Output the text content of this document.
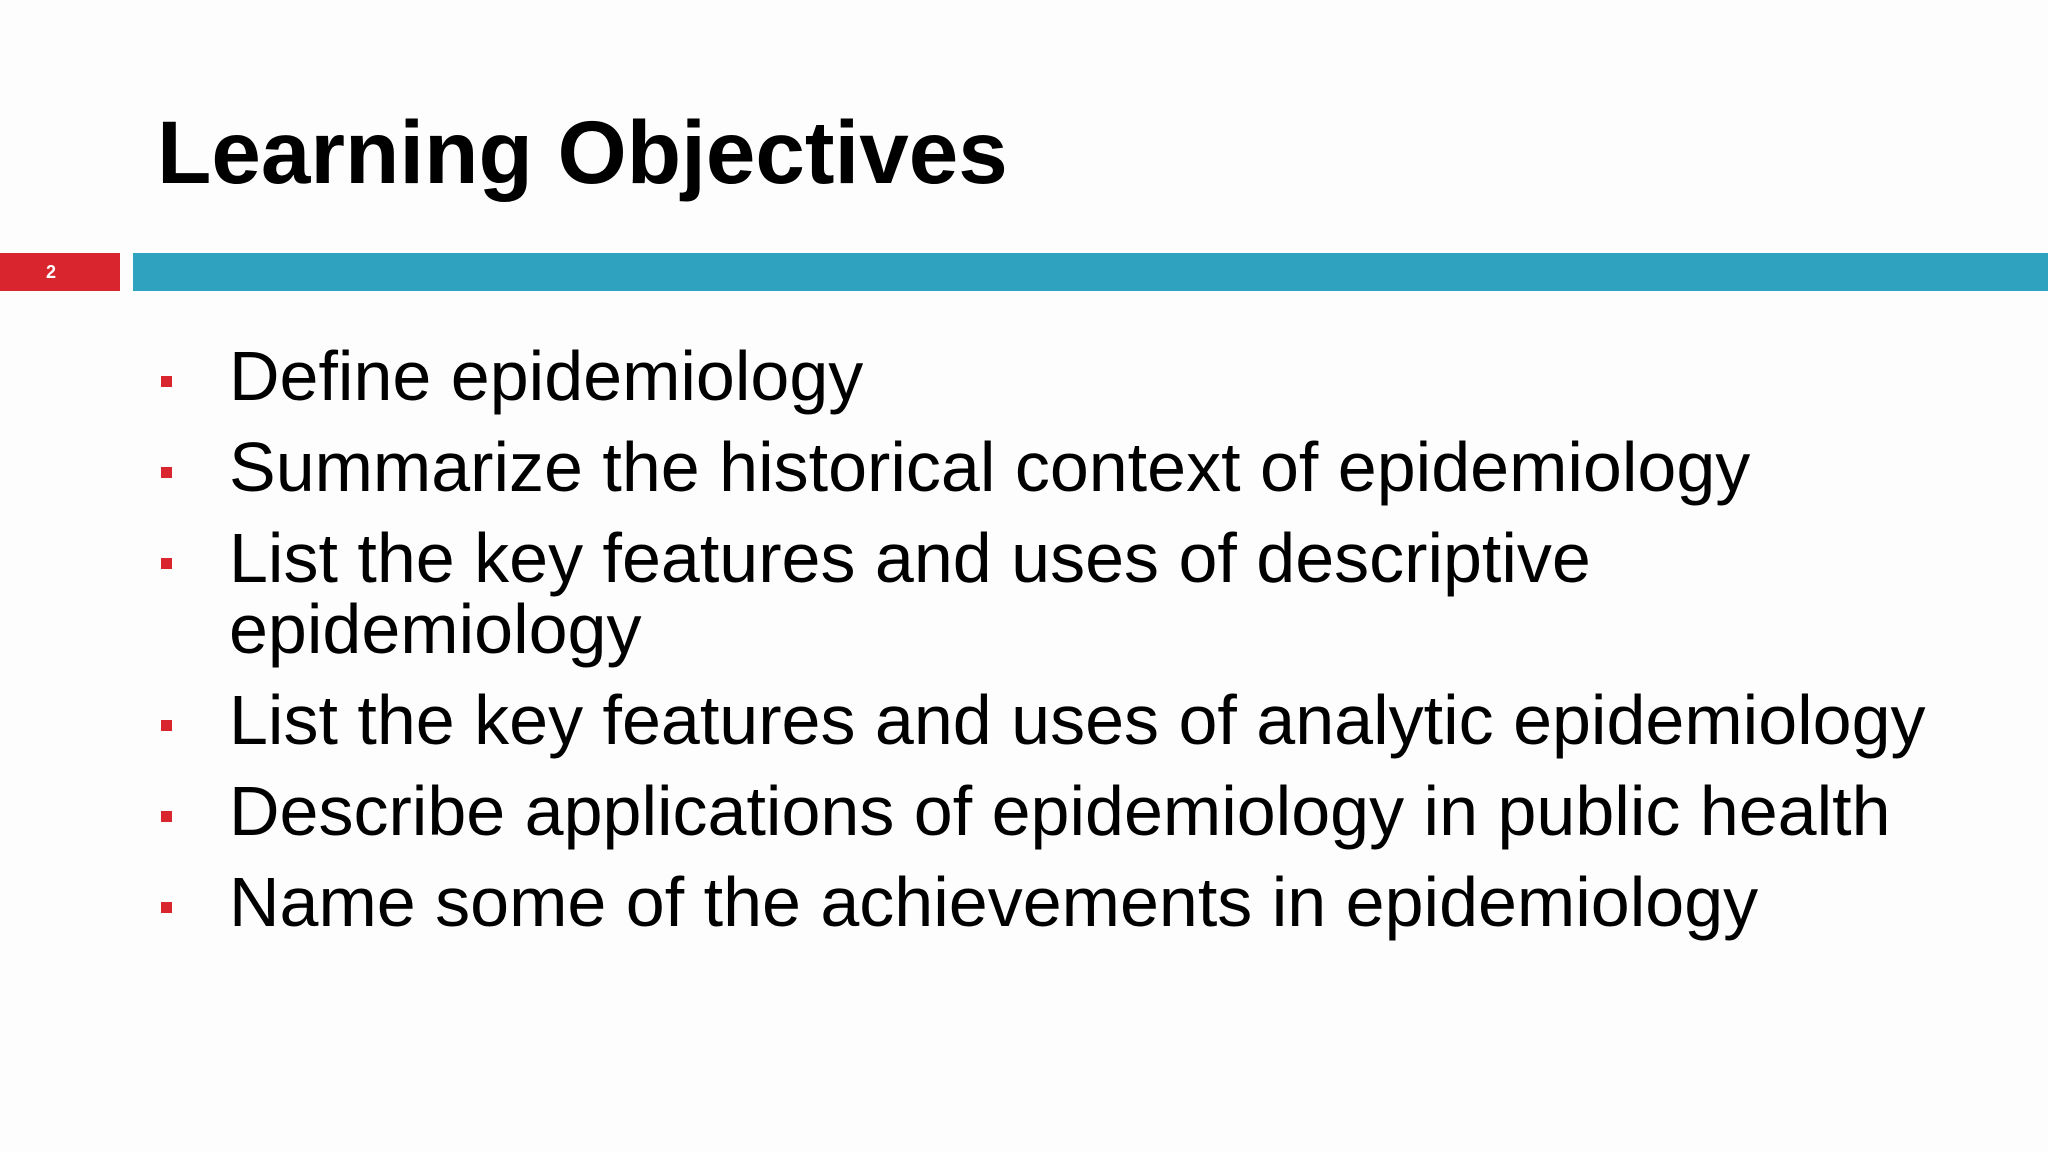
Learning Objectives
2
Define epidemiology
Summarize the historical context of epidemiology
List the key features and uses of descriptive epidemiology
List the key features and uses of analytic epidemiology
Describe applications of epidemiology in public health
Name some of the achievements in epidemiology
